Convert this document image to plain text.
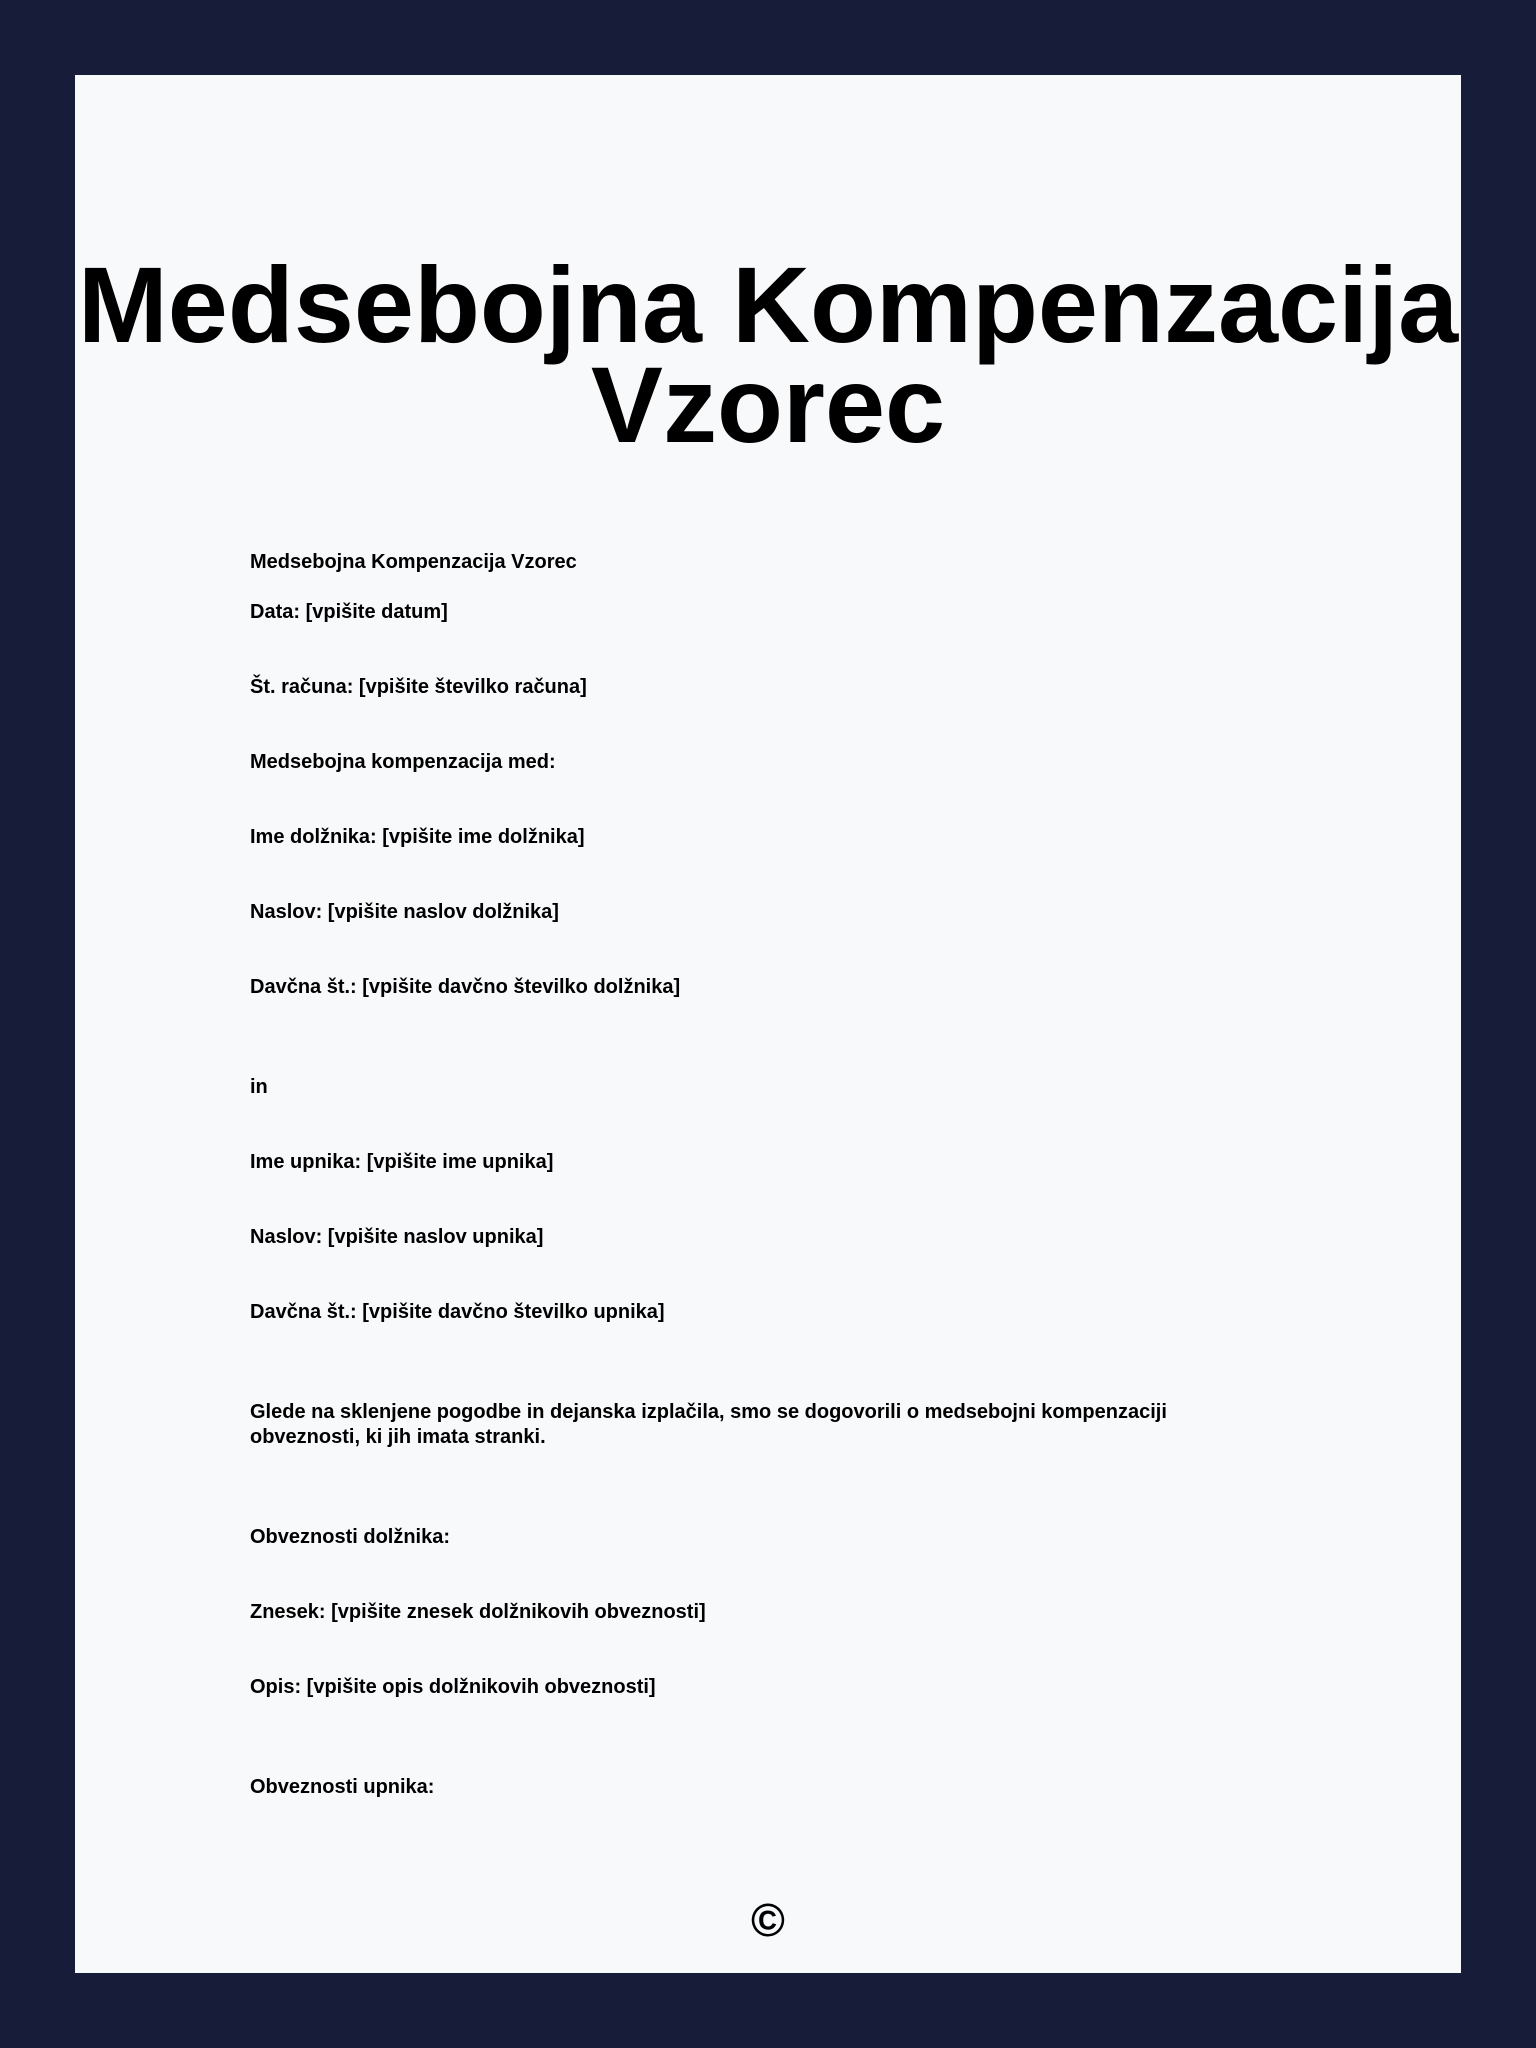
Medsebojna Kompenzacija
Vzorec

Medsebojna Kompenzacija Vzorec

Data: [vpišite datum]

Št. računa: [vpišite številko računa]

Medsebojna kompenzacija med:

Ime dolžnika: [vpišite ime dolžnika]

Naslov: [vpišite naslov dolžnika]

Davčna št.: [vpišite davčno številko dolžnika]

in

Ime upnika: [vpišite ime upnika]

Naslov: [vpišite naslov upnika]

Davčna št.: [vpišite davčno številko upnika]

Glede na sklenjene pogodbe in dejanska izplačila, smo se dogovorili o medsebojni kompenzaciji obveznosti, ki jih imata stranki.

Obveznosti dolžnika:

Znesek: [vpišite znesek dolžnikovih obveznosti]

Opis: [vpišite opis dolžnikovih obveznosti]

Obveznosti upnika:

©
